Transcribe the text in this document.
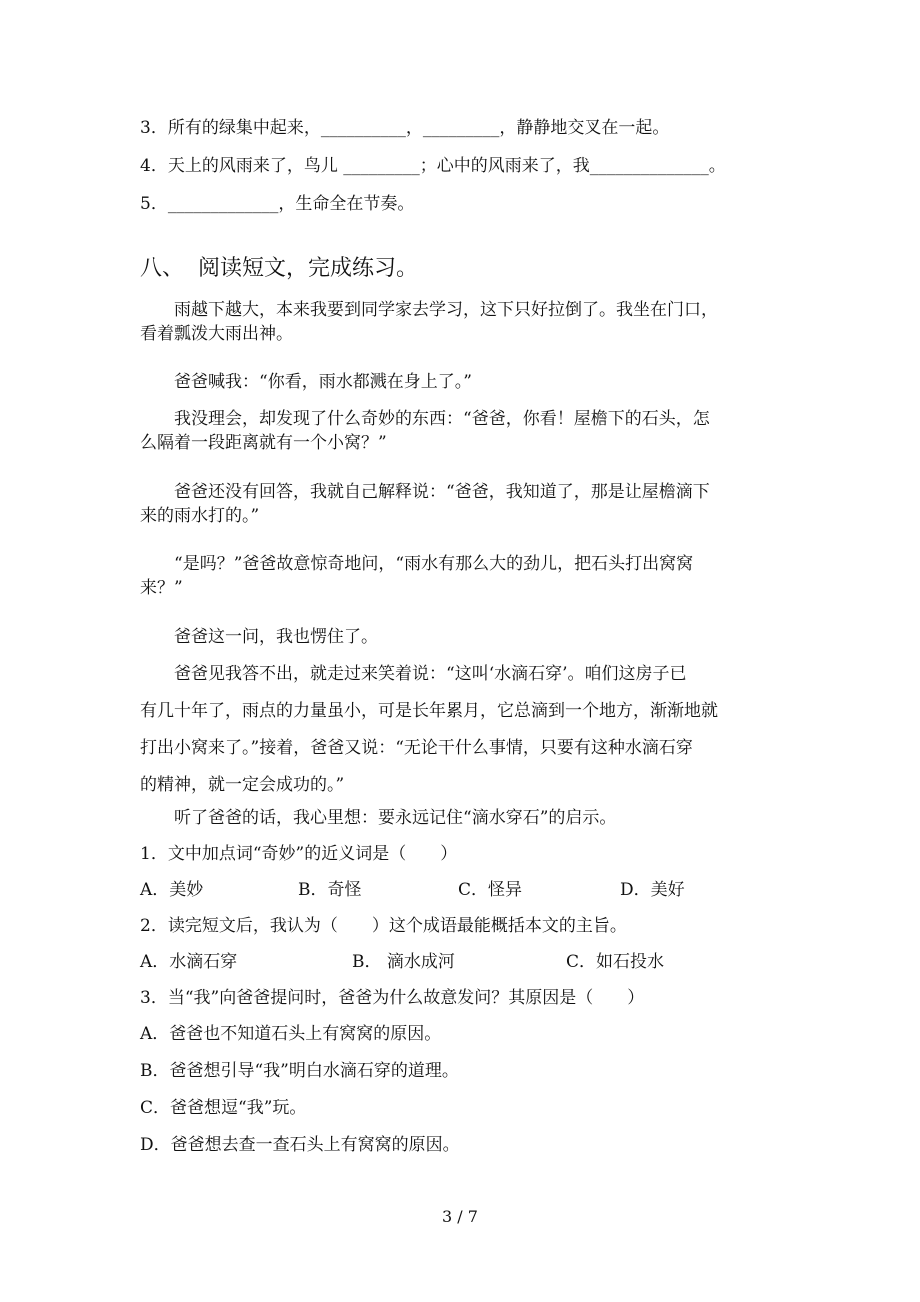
3．所有的绿集中起来，__________，_________，静静地交叉在一起。

4．天上的风雨来了，鸟儿 _________；心中的风雨来了，我______________。

5．_____________，生命全在节奏。

八、 阅读短文，完成练习。
雨越下越大，本来我要到同学家去学习，这下只好拉倒了。我坐在门口，
看着瓢泼大雨出神。
爸爸喊我：“你看，雨水都溅在身上了。”
我没理会，却发现了什么奇妙的东西：“爸爸，你看！屋檐下的石头，怎
么隔着一段距离就有一个小窝？”
爸爸还没有回答，我就自己解释说：“爸爸，我知道了，那是让屋檐滴下
来的雨水打的。”
“是吗？”爸爸故意惊奇地问，“雨水有那么大的劲儿，把石头打出窝窝
来？”
爸爸这一问，我也愣住了。
爸爸见我答不出，就走过来笑着说：“这叫‘水滴石穿’。咱们这房子已
有几十年了，雨点的力量虽小，可是长年累月，它总滴到一个地方，渐渐地就
打出小窝来了。”接着，爸爸又说：“无论干什么事情，只要有这种水滴石穿
的精神，就一定会成功的。”
听了爸爸的话，我心里想：要永远记住“滴水穿石”的启示。

1．文中加点词“奇妙”的近义词是（　　）

A．美妙	B．奇怪	C．怪异	D．美好

2．读完短文后，我认为（　　）这个成语最能概括本文的主旨。

A．水滴石穿	B． 滴水成河	C．如石投水

3．当“我”向爸爸提问时，爸爸为什么故意发问？其原因是（　　）

A．爸爸也不知道石头上有窝窝的原因。

B．爸爸想引导“我”明白水滴石穿的道理。

C．爸爸想逗“我”玩。

D．爸爸想去查一查石头上有窝窝的原因。

3 / 7
